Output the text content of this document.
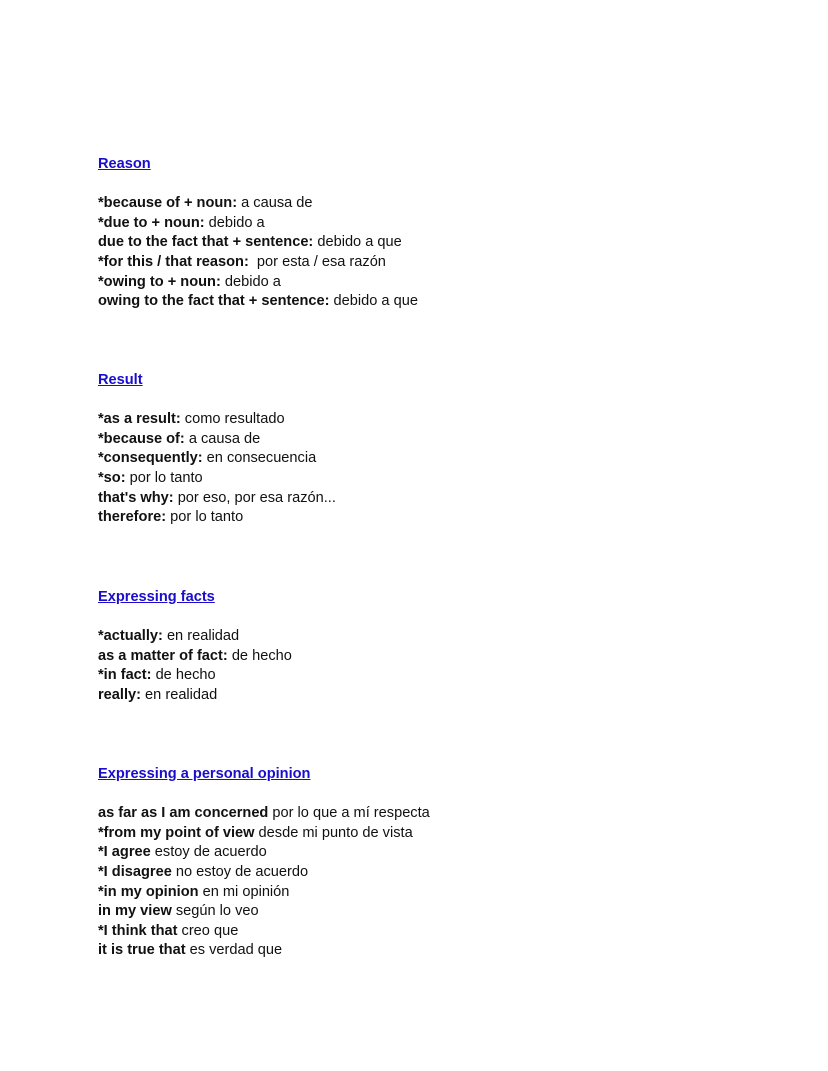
Reason
*because of + noun: a causa de
*due to + noun: debido a
due to the fact that + sentence: debido a que
*for this / that reason:  por esta / esa razón
*owing to + noun: debido a
owing to the fact that + sentence: debido a que
Result
*as a result: como resultado
*because of: a causa de
*consequently: en consecuencia
*so: por lo tanto
that's why: por eso, por esa razón...
therefore: por lo tanto
Expressing facts
*actually: en realidad
as a matter of fact: de hecho
*in fact: de hecho
really: en realidad
Expressing a personal opinion
as far as I am concerned por lo que a mí respecta
*from my point of view desde mi punto de vista
*I agree estoy de acuerdo
*I disagree no estoy de acuerdo
*in my opinion en mi opinión
in my view según lo veo
*I think that creo que
it is true that es verdad que
